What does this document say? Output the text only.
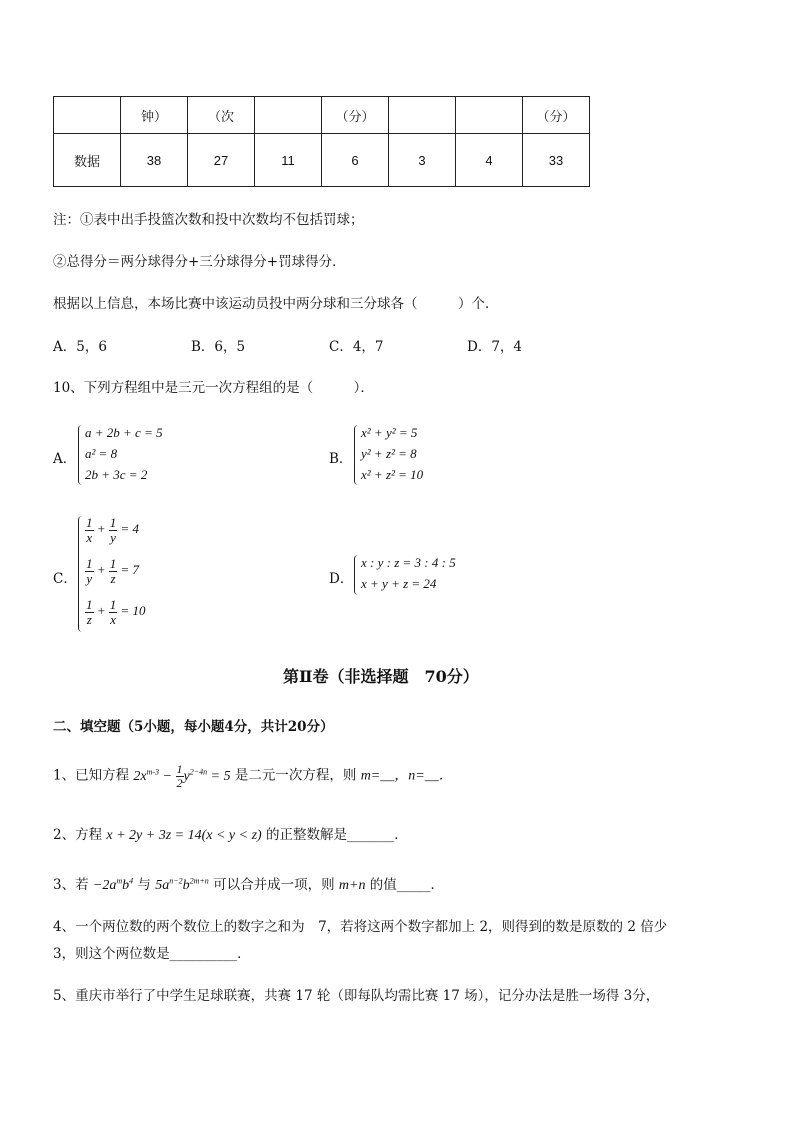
	钟）	（次		（分）			（分）
数据	38	27	11	6	3	4	33
注：①表中出手投篮次数和投中次数均不包括罚球；
②总得分＝两分球得分+三分球得分+罚球得分．
根据以上信息，本场比赛中该运动员投中两分球和三分球各（　　　）个．
A．5，6	B．6，5	C．4，7	D．7，4
10、下列方程组中是三元一次方程组的是（　　　）．
A．
a + 2b + c = 5
a² = 8
2b + 3c = 2
B．
x² + y² = 5
y² + z² = 8
x² + z² = 10
C．
$\frac{1}{x} + \frac{1}{y} = 4$
$\frac{1}{y} + \frac{1}{z} = 7$
$\frac{1}{z} + \frac{1}{x} = 10$
D．
x : y : z = 3 : 4 : 5
x + y + z = 24
第Ⅱ卷（非选择题　70分）
二、填空题（5小题，每小题4分，共计20分）
1、已知方程 $2x^{m-3} - \frac{1}{2} y^{2-4n} = 5$ 是二元一次方程，则 m=__，n=__．
2、方程 x + 2y + 3z = 14(x < y < z) 的正整数解是_______．
3、若 $-2a^mb^4$ 与 $5a^{n-2}b^{2m+n}$ 可以合并成一项，则 m+n 的值_____．
4、一个两位数的两个数位上的数字之和为　7，若将这两个数字都加上 2，则得到的数是原数的 2 倍少
3，则这个两位数是__________．
5、重庆市举行了中学生足球联赛，共赛 17 轮（即每队均需比赛 17 场），记分办法是胜一场得 3分，
